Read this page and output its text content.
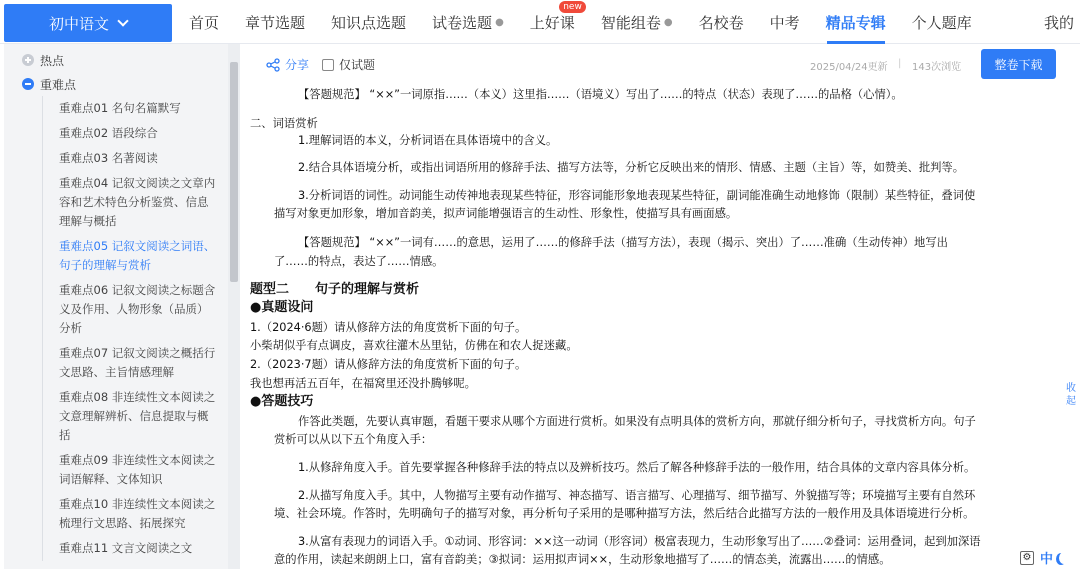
初中语文	首页 章节选题 知识点选题 试卷选题 ● 上好课
new
智能组卷 ● 名校卷 中考 精品专辑 个人题库	我的
热点
重难点
重难点01 名句名篇默写
重难点02 语段综合
重难点03 名著阅读
重难点04 记叙文阅读之文章内容和艺术特色分析鉴赏、信息理解与概括
重难点05 记叙文阅读之词语、句子的理解与赏析
重难点06 记叙文阅读之标题含义及作用、人物形象（品质）分析
重难点07 记叙文阅读之概括行文思路、主旨情感理解
重难点08 非连续性文本阅读之文意理解辨析、信息提取与概括
重难点09 非连续性文本阅读之词语解释、文体知识
重难点10 非连续性文本阅读之梳理行文思路、拓展探究
重难点11 文言文阅读之文
分享 仅试题	2025/04/24更新 | 143次浏览	整卷下载

【答题规范】 “××”一词原指……（本义）这里指……（语境义）写出了……的特点（状态）表现了……的品格（心情）。

二、词语赏析

1.理解词语的本义，分析词语在具体语境中的含义。

2.结合具体语境分析，或指出词语所用的修辞手法、描写方法等，分析它反映出来的情形、情感、主题（主旨）等，如赞美、批判等。

3.分析词语的词性。动词能生动传神地表现某些特征，形容词能形象地表现某些特征，副词能准确生动地修饰（限制）某些特征，叠词使

描写对象更加形象，增加音韵美，拟声词能增强语言的生动性、形象性，使描写具有画面感。

【答题规范】 “××”一词有……的意思，运用了……的修辞手法（描写方法），表现（揭示、突出）了……准确（生动传神）地写出

了……的特点，表达了……情感。

题型二　　句子的理解与赏析

●真题设问

1.（2024·6题）请从修辞方法的角度赏析下面的句子。

小柴胡似乎有点调皮，喜欢往灌木丛里钻，仿佛在和农人捉迷藏。

2.（2023·7题）请从修辞方法的角度赏析下面的句子。

我也想再活五百年，在福窝里还没扑腾够呢。

●答题技巧

作答此类题，先要认真审题，看题干要求从哪个方面进行赏析。如果没有点明具体的赏析方向，那就仔细分析句子，寻找赏析方向。句子

赏析可以从以下五个角度入手：

1.从修辞角度入手。首先要掌握各种修辞手法的特点以及辨析技巧。然后了解各种修辞手法的一般作用，结合具体的文章内容具体分析。

2.从描写角度入手。其中，人物描写主要有动作描写、神态描写、语言描写、心理描写、细节描写、外貌描写等；环境描写主要有自然环

境、社会环境。作答时，先明确句子的描写对象，再分析句子采用的是哪种描写方法，然后结合此描写方法的一般作用及具体语境进行分析。

3.从富有表现力的词语入手。①动词、形容词：××这一动词（形容词）极富表现力，生动形象写出了……②叠词：运用叠词，起到加深语

意的作用，读起来朗朗上口，富有音韵美；③拟词：运用拟声词××，生动形象地描写了……的情态美，流露出……的情感。

收起
⚙ 中
